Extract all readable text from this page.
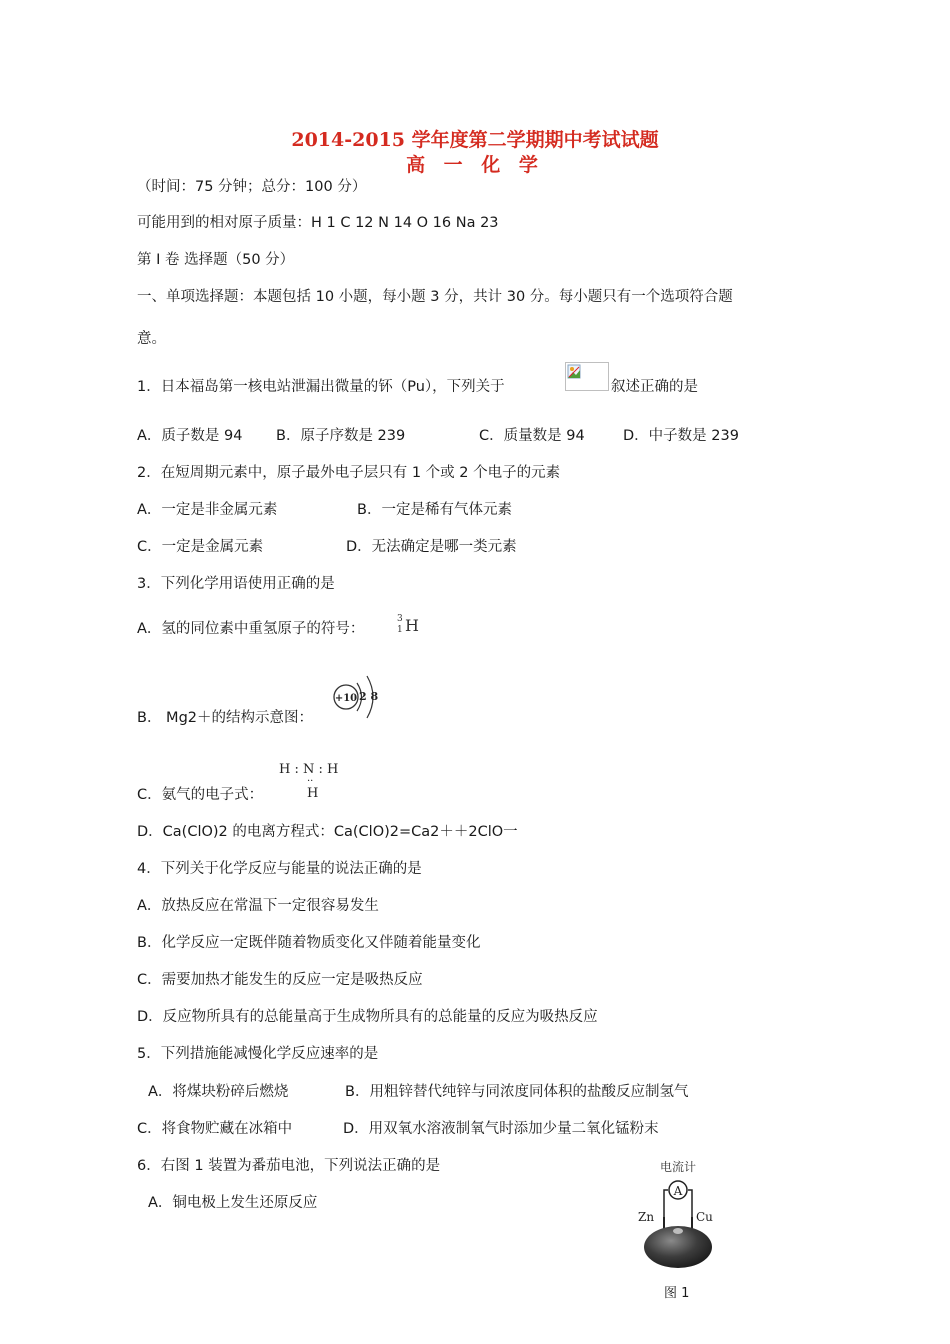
2014-2015 学年度第二学期期中考试试题
高 一 化 学
（时间：75 分钟；总分：100 分）
可能用到的相对原子质量：H 1 C 12 N 14 O 16 Na 23
第 I 卷 选择题（50 分）
一、单项选择题：本题包括 10 小题，每小题 3 分，共计 30 分。每小题只有一个选项符合题
意。
1．日本福岛第一核电站泄漏出微量的钚（Pu），下列关于	叙述正确的是
A．质子数是 94 B．原子序数是 239	C．质量数是 94	D．中子数是 239
2．在短周期元素中，原子最外电子层只有 1 个或 2 个电子的元素
A．一定是非金属元素	B．一定是稀有气体元素
C．一定是金属元素	D．无法确定是哪一类元素
3．下列化学用语使用正确的是
A．氢的同位素中重氢原子的符号：
3
1 H
B． Mg2＋的结构示意图：
+10 2 8
C．氨气的电子式：
H : N : H
··
H
D．Ca(ClO)2 的电离方程式：Ca(ClO)2=Ca2＋＋2ClO一
4．下列关于化学反应与能量的说法正确的是
A．放热反应在常温下一定很容易发生
B．化学反应一定既伴随着物质变化又伴随着能量变化
C．需要加热才能发生的反应一定是吸热反应
D．反应物所具有的总能量高于生成物所具有的总能量的反应为吸热反应
5．下列措施能减慢化学反应速率的是
A．将煤块粉碎后燃烧	B．用粗锌替代纯锌与同浓度同体积的盐酸反应制氢气
C．将食物贮藏在冰箱中	D．用双氧水溶液制氧气时添加少量二氧化锰粉末
6．右图 1 装置为番茄电池，下列说法正确的是
A．铜电极上发生还原反应
电流计
A
Zn	Cu
图 1
